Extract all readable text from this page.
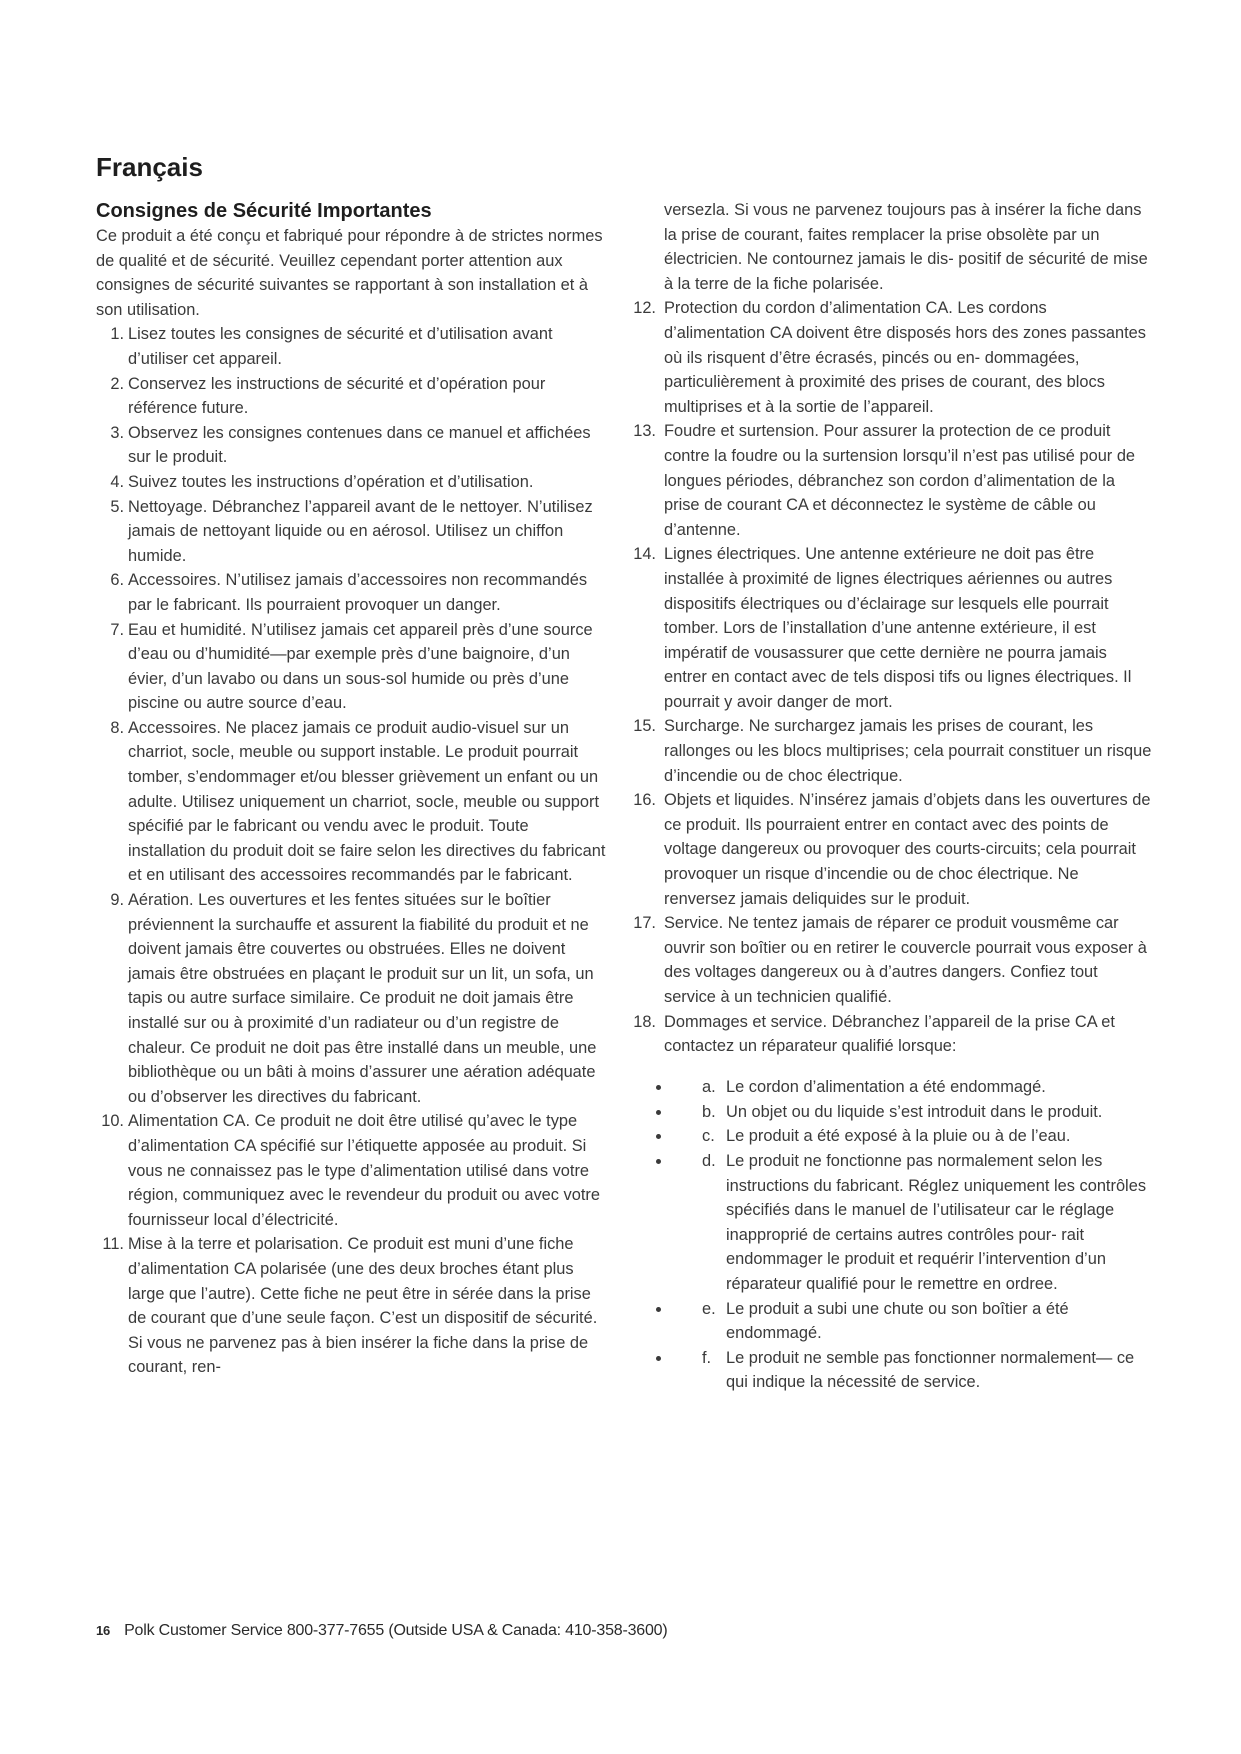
Français
Consignes de Sécurité Importantes

Ce produit a été conçu et fabriqué pour répondre à de strictes normes de qualité et de sécurité. Veuillez cependant porter attention aux consignes de sécurité suivantes se rapportant à son installation et à son utilisation.

1. Lisez toutes les consignes de sécurité et d’utilisation avant d’utiliser cet appareil.
2. Conservez les instructions de sécurité et d’opération pour référence future.
3. Observez les consignes contenues dans ce manuel et affichées sur le produit.
4. Suivez toutes les instructions d’opération et d’utilisation.
5. Nettoyage. Débranchez l’appareil avant de le nettoyer. N’utilisez jamais de nettoyant liquide ou en aérosol. Utilisez un chiffon humide.
6. Accessoires. N’utilisez jamais d’accessoires non recommandés par le fabricant. Ils pourraient provoquer un danger.
7. Eau et humidité. N’utilisez jamais cet appareil près d’une source d’eau ou d’humidité—par exemple près d’une baignoire, d’un évier, d’un lavabo ou dans un sous-sol humide ou près d’une piscine ou autre source d’eau.
8. Accessoires. Ne placez jamais ce produit audio-visuel sur un charriot, socle, meuble ou support instable. Le produit pourrait tomber, s’endommager et/ou blesser grièvement un enfant ou un adulte. Utilisez uniquement un charriot, socle, meuble ou support spécifié par le fabricant ou vendu avec le produit. Toute installation du produit doit se faire selon les directives du fabricant et en utilisant des accessoires recommandés par le fabricant.
9. Aération. Les ouvertures et les fentes situées sur le boîtier préviennent la surchauffe et assurent la fiabilité du produit et ne doivent jamais être couvertes ou obstruées. Elles ne doivent jamais être obstruées en plaçant le produit sur un lit, un sofa, un tapis ou autre surface similaire. Ce produit ne doit jamais être installé sur ou à proximité d’un radiateur ou d’un registre de chaleur. Ce produit ne doit pas être installé dans un meuble, une bibliothèque ou un bâti à moins d’assurer une aération adéquate ou d’observer les directives du fabricant.
10. Alimentation CA. Ce produit ne doit être utilisé qu’avec le type d’alimentation CA spécifié sur l’étiquette apposée au produit. Si vous ne connaissez pas le type d’alimentation utilisé dans votre région, communiquez avec le revendeur du produit ou avec votre fournisseur local d’électricité.
11. Mise à la terre et polarisation. Ce produit est muni d’une fiche d’alimentation CA polarisée (une des deux broches étant plus large que l’autre). Cette fiche ne peut être in sérée dans la prise de courant que d’une seule façon. C’est un dispositif de sécurité. Si vous ne parvenez pas à bien insérer la fiche dans la prise de courant, ren-

versezla. Si vous ne parvenez toujours pas à insérer la fiche dans la prise de courant, faites remplacer la prise obsolète par un électricien. Ne contournez jamais le dis- positif de sécurité de mise à la terre de la fiche polarisée.

12. Protection du cordon d’alimentation CA. Les cordons d’alimentation CA doivent être disposés hors des zones passantes où ils risquent d’être écrasés, pincés ou en- dommagées, particulièrement à proximité des prises de courant, des blocs multiprises et à la sortie de l’appareil.
13. Foudre et surtension. Pour assurer la protection de ce produit contre la foudre ou la surtension lorsqu’il n’est pas utilisé pour de longues périodes, débranchez son cordon d’alimentation de la prise de courant CA et déconnectez le système de câble ou d’antenne.
14. Lignes électriques. Une antenne extérieure ne doit pas être installée à proximité de lignes électriques aériennes ou autres dispositifs électriques ou d’éclairage sur lesquels elle pourrait tomber. Lors de l’installation d’une antenne extérieure, il est impératif de vousassurer que cette dernière ne pourra jamais entrer en contact avec de tels disposi tifs ou lignes électriques. Il pourrait y avoir danger de mort.
15. Surcharge. Ne surchargez jamais les prises de courant, les rallonges ou les blocs multiprises; cela pourrait constituer un risque d’incendie ou de choc électrique.
16. Objets et liquides. N’insérez jamais d’objets dans les ouvertures de ce produit. Ils pourraient entrer en contact avec des points de voltage dangereux ou provoquer des courts-circuits; cela pourrait provoquer un risque d’incendie ou de choc électrique. Ne renversez jamais deliquides sur le produit.
17. Service. Ne tentez jamais de réparer ce produit vousmême car ouvrir son boîtier ou en retirer le couvercle pourrait vous exposer à des voltages dangereux ou à d’autres dangers. Confiez tout service à un technicien qualifié.
18. Dommages et service. Débranchez l’appareil de la prise CA et contactez un réparateur qualifié lorsque:
• a. Le cordon d’alimentation a été endommagé.
• b. Un objet ou du liquide s’est introduit dans le produit.
• c. Le produit a été exposé à la pluie ou à de l’eau.
• d. Le produit ne fonctionne pas normalement selon les instructions du fabricant. Réglez uniquement les contrôles spécifiés dans le manuel de l’utilisateur car le réglage inapproprié de certains autres contrôles pour- rait endommager le produit et requérir l’intervention d’un réparateur qualifié pour le remettre en ordree.
• e. Le produit a subi une chute ou son boîtier a été endommagé.
• f. Le produit ne semble pas fonctionner normalement— ce qui indique la nécessité de service.
16 Polk Customer Service 800-377-7655 (Outside USA & Canada: 410-358-3600)
